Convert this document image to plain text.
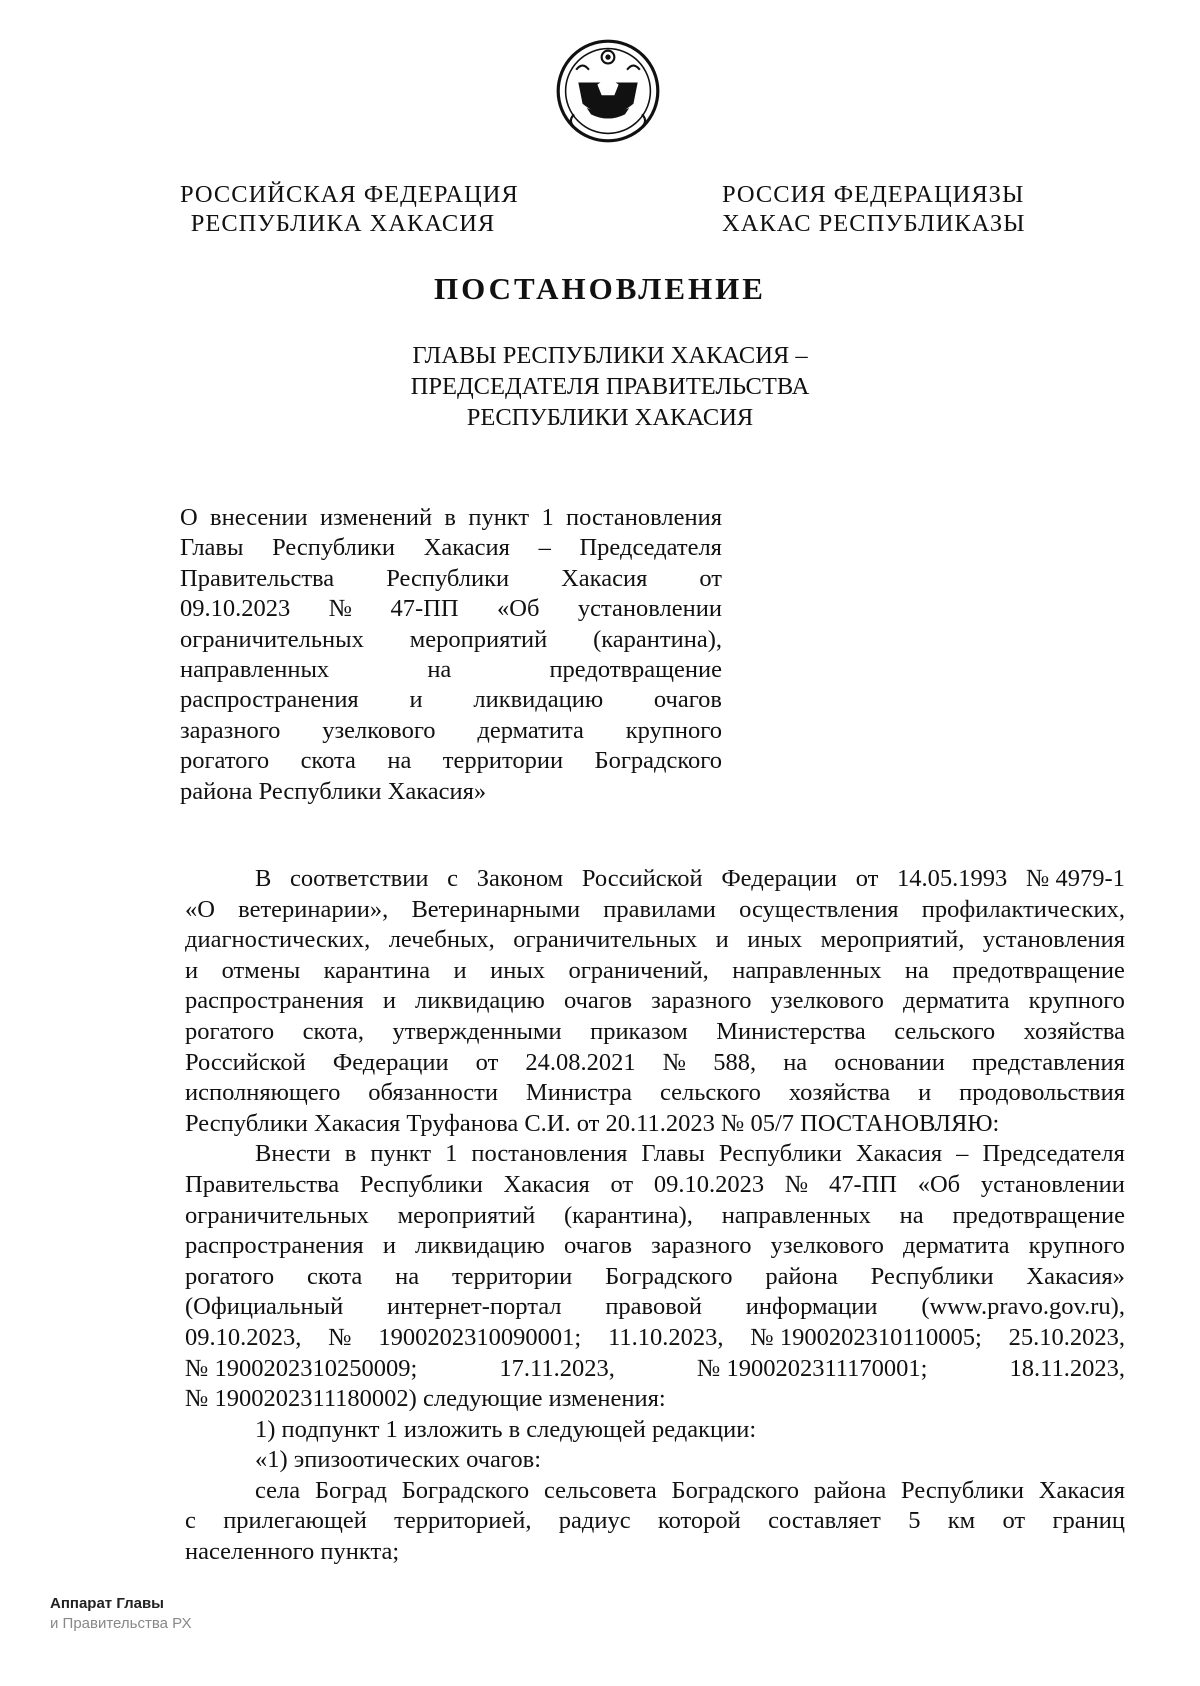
РОССИЙСКАЯ ФЕДЕРАЦИЯ
РЕСПУБЛИКА ХАКАСИЯ
РОССИЯ ФЕДЕРАЦИЯЗЫ
ХАКАС РЕСПУБЛИКАЗЫ
ПОСТАНОВЛЕНИЕ
ГЛАВЫ РЕСПУБЛИКИ ХАКАСИЯ –
ПРЕДСЕДАТЕЛЯ ПРАВИТЕЛЬСТВА
РЕСПУБЛИКИ ХАКАСИЯ
О внесении изменений в пункт 1 постановления
Главы Республики Хакасия – Председателя
Правительства Республики Хакасия от
09.10.2023 № 47-ПП «Об установлении
ограничительных мероприятий (карантина),
направленных	на	предотвращение
распространения и ликвидацию очагов
заразного узелкового дерматита крупного
рогатого скота на территории Боградского
района Республики Хакасия»
В соответствии с Законом Российской Федерации от 14.05.1993 № 4979-1
«О ветеринарии», Ветеринарными правилами осуществления профилактических,
диагностических, лечебных, ограничительных и иных мероприятий, установления
и отмены карантина и иных ограничений, направленных на предотвращение
распространения и ликвидацию очагов заразного узелкового дерматита крупного
рогатого скота, утвержденными приказом Министерства сельского хозяйства
Российской Федерации от 24.08.2021 № 588, на основании представления
исполняющего обязанности Министра сельского хозяйства и продовольствия
Республики Хакасия Труфанова С.И. от 20.11.2023 № 05/7 ПОСТАНОВЛЯЮ:
Внести в пункт 1 постановления Главы Республики Хакасия – Председателя
Правительства Республики Хакасия от 09.10.2023 № 47-ПП «Об установлении
ограничительных мероприятий (карантина), направленных на предотвращение
распространения и ликвидацию очагов заразного узелкового дерматита крупного
рогатого скота на территории Боградского района Республики Хакасия»
(Официальный интернет-портал правовой информации (www.pravo.gov.ru),
09.10.2023, № 1900202310090001; 11.10.2023, № 1900202310110005; 25.10.2023,
№ 1900202310250009;	17.11.2023,	№ 1900202311170001;	18.11.2023,
№ 1900202311180002) следующие изменения:
1) подпункт 1 изложить в следующей редакции:
«1) эпизоотических очагов:
села Боград Боградского сельсовета Боградского района Республики Хакасия
с прилегающей территорией, радиус которой составляет 5 км от границ
населенного пункта;
Аппарат Главы
и Правительства РХ
